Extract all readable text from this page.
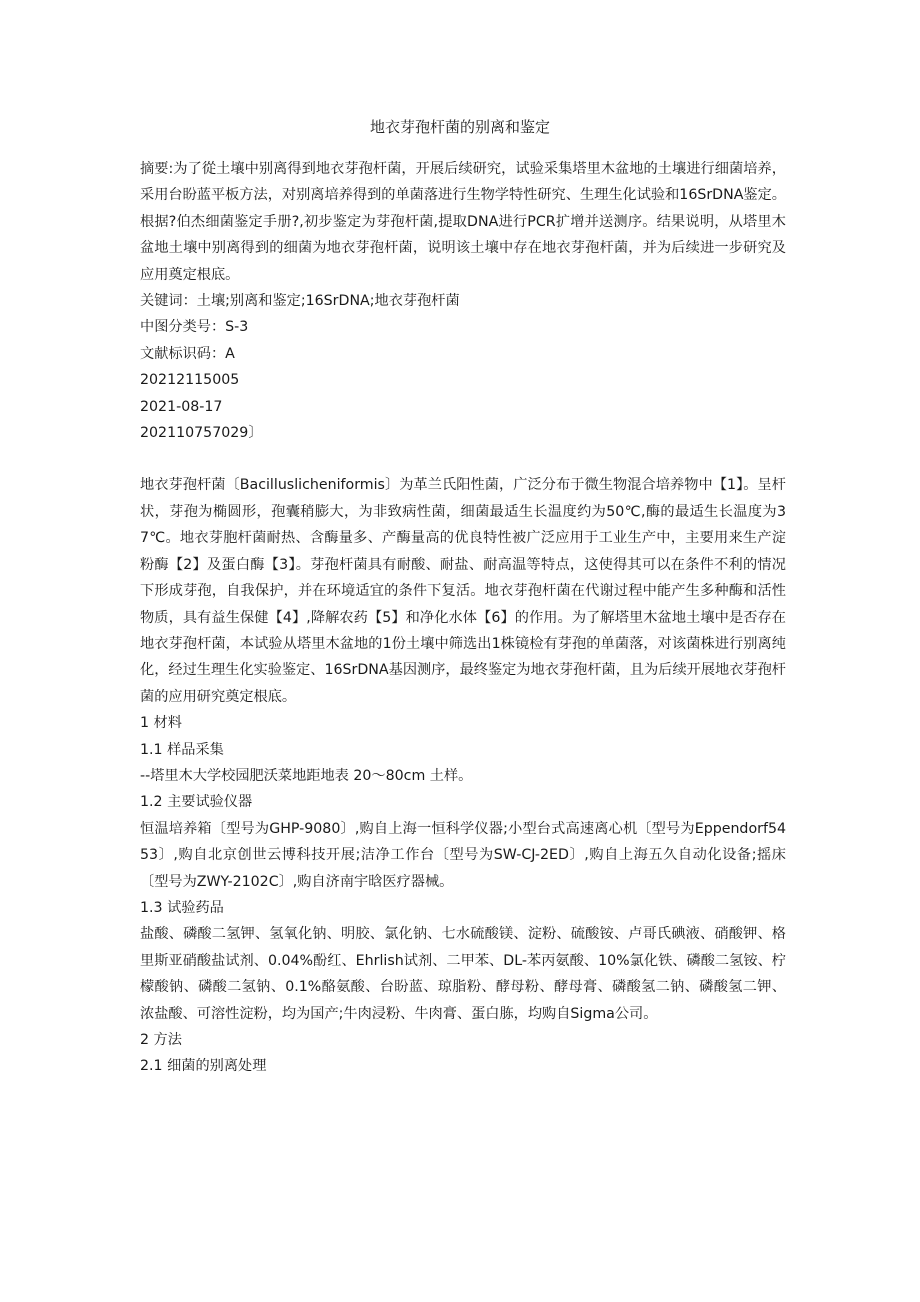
地衣芽孢杆菌的别离和鉴定

摘要:为了從土壤中别离得到地衣芽孢杆菌，开展后续研究，试验采集塔里木盆地的土壤进行细菌培养，采用台盼蓝平板方法，对别离培养得到的单菌落进行生物学特性研究、生理生化试验和16SrDNA鉴定。根据?伯杰细菌鉴定手册?,初步鉴定为芽孢杆菌,提取DNA进行PCR扩增并送测序。结果说明，从塔里木盆地土壤中别离得到的细菌为地衣芽孢杆菌，说明该土壤中存在地衣芽孢杆菌，并为后续进一步研究及应用奠定根底。

关键词：土壤;别离和鉴定;16SrDNA;地衣芽孢杆菌

中图分类号：S-3

文献标识码：A

20212115005

2021-08-17

202110757029〕

地衣芽孢杆菌〔Bacilluslicheniformis〕为革兰氏阳性菌，广泛分布于微生物混合培养物中【1】。呈杆状，芽孢为椭圆形，孢囊稍膨大，为非致病性菌，细菌最适生长温度约为50℃,酶的最适生长温度为37℃。地衣芽胞杆菌耐热、含酶量多、产酶量高的优良特性被广泛应用于工业生产中，主要用来生产淀粉酶【2】及蛋白酶【3】。芽孢杆菌具有耐酸、耐盐、耐高温等特点，这使得其可以在条件不利的情况下形成芽孢，自我保护，并在环境适宜的条件下复活。地衣芽孢杆菌在代谢过程中能产生多种酶和活性物质，具有益生保健【4】,降解农药【5】和净化水体【6】的作用。为了解塔里木盆地土壤中是否存在地衣芽孢杆菌，本试验从塔里木盆地的1份土壤中筛选出1株镜检有芽孢的单菌落，对该菌株进行别离纯化，经过生理生化实验鉴定、16SrDNA基因测序，最终鉴定为地衣芽孢杆菌，且为后续开展地衣芽孢杆菌的应用研究奠定根底。

1 材料

1.1 样品采集

--塔里木大学校园肥沃菜地距地表 20～80cm 土样。

1.2 主要试验仪器

恒温培养箱〔型号为GHP-9080〕,购自上海一恒科学仪器;小型台式高速离心机〔型号为Eppendorf5453〕,购自北京创世云博科技开展;洁净工作台〔型号为SW-CJ-2ED〕,购自上海五久自动化设备;摇床〔型号为ZWY-2102C〕,购自济南宇晗医疗器械。

1.3 试验药品

盐酸、磷酸二氢钾、氢氧化钠、明胶、氯化钠、七水硫酸镁、淀粉、硫酸铵、卢哥氏碘液、硝酸钾、格里斯亚硝酸盐试剂、0.04%酚红、Ehrlish试剂、二甲苯、DL-苯丙氨酸、10%氯化铁、磷酸二氢铵、柠檬酸钠、磷酸二氢钠、0.1%酪氨酸、台盼蓝、琼脂粉、酵母粉、酵母膏、磷酸氢二钠、磷酸氢二钾、浓盐酸、可溶性淀粉，均为国产;牛肉浸粉、牛肉膏、蛋白胨，均购自Sigma公司。

2 方法

2.1 细菌的别离处理
